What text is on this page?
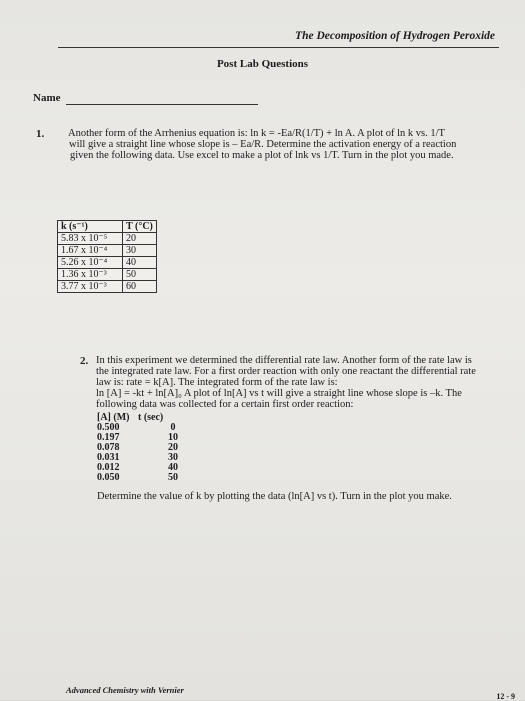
The Decomposition of Hydrogen Peroxide
Post Lab Questions
Name
1. Another form of the Arrhenius equation is: ln k = -Ea/R(1/T) + ln A. A plot of ln k vs. 1/T
will give a straight line whose slope is – Ea/R. Determine the activation energy of a reaction
given the following data. Use excel to make a plot of lnk vs 1/T. Turn in the plot you made.
k (s⁻¹)	T (°C)
5.83 x 10⁻⁵	20
1.67 x 10⁻⁴	30
5.26 x 10⁻⁴	40
1.36 x 10⁻³	50
3.77 x 10⁻³	60
2. In this experiment we determined the differential rate law. Another form of the rate law is
the integrated rate law. For a first order reaction with only one reactant the differential rate
law is: rate = k[A]. The integrated form of the rate law is:
ln [A] = -kt + ln[A]₀ A plot of ln[A] vs t will give a straight line whose slope is –k. The
following data was collected for a certain first order reaction:
[A] (M) t (sec)
0.500	0
0.197	10
0.078	20
0.031	30
0.012	40
0.050	50
Determine the value of k by plotting the data (ln[A] vs t). Turn in the plot you make.
Advanced Chemistry with Vernier
12 - 9
